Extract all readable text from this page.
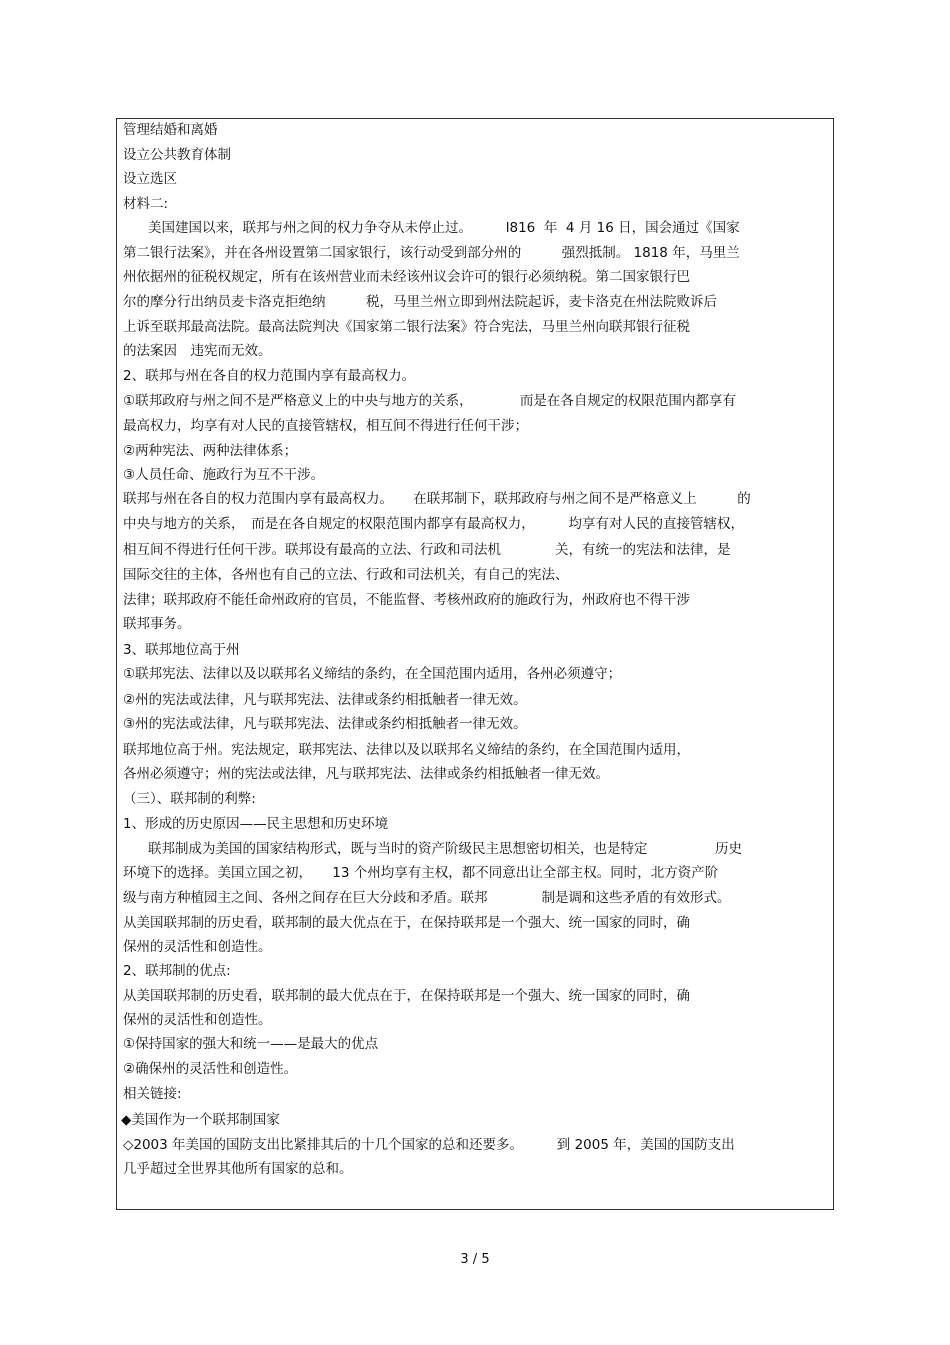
管理结婚和离婚
设立公共教育体制
设立选区
材料二:
美国建国以来，联邦与州之间的权力争夺从未停止过。　　　l816  年  4 月 16 日，国会通过《国家
第二银行法案》，并在各州设置第二国家银行，该行动受到部分州的　　　强烈抵制。 1818 年，马里兰
州依据州的征税权规定，所有在该州营业而未经该州议会许可的银行必须纳税。第二国家银行巴
尔的摩分行出纳员麦卡洛克拒绝纳　　　税，马里兰州立即到州法院起诉，麦卡洛克在州法院败诉后
上诉至联邦最高法院。最高法院判决《国家第二银行法案》符合宪法，马里兰州向联邦银行征税
的法案因　违宪而无效。
2、联邦与州在各自的权力范围内享有最高权力。
①联邦政府与州之间不是严格意义上的中央与地方的关系，　　　　而是在各自规定的权限范围内都享有
最高权力，均享有对人民的直接管辖权，相互间不得进行任何干涉；
②两种宪法、两种法律体系；
③人员任命、施政行为互不干涉。
联邦与州在各自的权力范围内享有最高权力。　　在联邦制下，联邦政府与州之间不是严格意义上　　　的
中央与地方的关系，　而是在各自规定的权限范围内都享有最高权力，　　　均享有对人民的直接管辖权，
相互间不得进行任何干涉。联邦设有最高的立法、行政和司法机　　　　关，有统一的宪法和法律，是
国际交往的主体，各州也有自己的立法、行政和司法机关，有自己的宪法、
法律；联邦政府不能任命州政府的官员，不能监督、考核州政府的施政行为，州政府也不得干涉
联邦事务。
3、联邦地位高于州
①联邦宪法、法律以及以联邦名义缔结的条约，在全国范围内适用，各州必须遵守；
②州的宪法或法律，凡与联邦宪法、法律或条约相抵触者一律无效。
③州的宪法或法律，凡与联邦宪法、法律或条约相抵触者一律无效。
联邦地位高于州。宪法规定，联邦宪法、法律以及以联邦名义缔结的条约，在全国范围内适用，
各州必须遵守；州的宪法或法律，凡与联邦宪法、法律或条约相抵触者一律无效。
（三）、联邦制的利弊:
1、形成的历史原因——民主思想和历史环境
联邦制成为美国的国家结构形式，既与当时的资产阶级民主思想密切相关，也是特定　　　　　历史
环境下的选择。美国立国之初，　　13 个州均享有主权，都不同意出让全部主权。同时，北方资产阶
级与南方种植园主之间、各州之间存在巨大分歧和矛盾。联邦　　　　制是调和这些矛盾的有效形式。
从美国联邦制的历史看，联邦制的最大优点在于，在保持联邦是一个强大、统一国家的同时，确
保州的灵活性和创造性。
2、联邦制的优点:
从美国联邦制的历史看，联邦制的最大优点在于，在保持联邦是一个强大、统一国家的同时，确
保州的灵活性和创造性。
①保持国家的强大和统一——是最大的优点
②确保州的灵活性和创造性。
相关链接:
◆美国作为一个联邦制国家
◇2003 年美国的国防支出比紧排其后的十几个国家的总和还要多。　　　到 2005 年，美国的国防支出
几乎超过全世界其他所有国家的总和。
3 / 5
